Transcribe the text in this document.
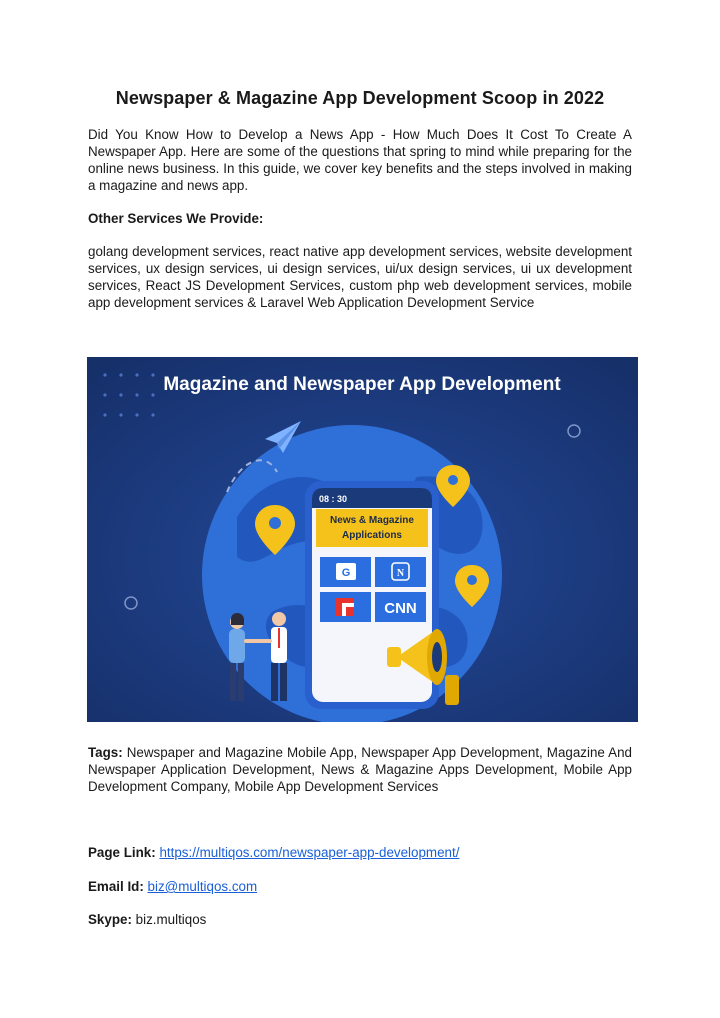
Newspaper & Magazine App Development Scoop in 2022

Did You Know How to Develop a News App - How Much Does It Cost To Create A Newspaper App. Here are some of the questions that spring to mind while preparing for the online news business. In this guide, we cover key benefits and the steps involved in making a magazine and news app.

Other Services We Provide:

golang development services, react native app development services, website development services, ux design services, ui design services, ui/ux design services, ui ux development services, React JS Development Services, custom php web development services, mobile app development services & Laravel Web Application Development Service

Magazine and Newspaper App Development
08 : 30
News & Magazine
Applications
G	N
CNN

Tags: Newspaper and Magazine Mobile App, Newspaper App Development, Magazine And Newspaper Application Development, News & Magazine Apps Development, Mobile App Development Company, Mobile App Development Services

Page Link: https://multiqos.com/newspaper-app-development/

Email Id: biz@multiqos.com

Skype: biz.multiqos
